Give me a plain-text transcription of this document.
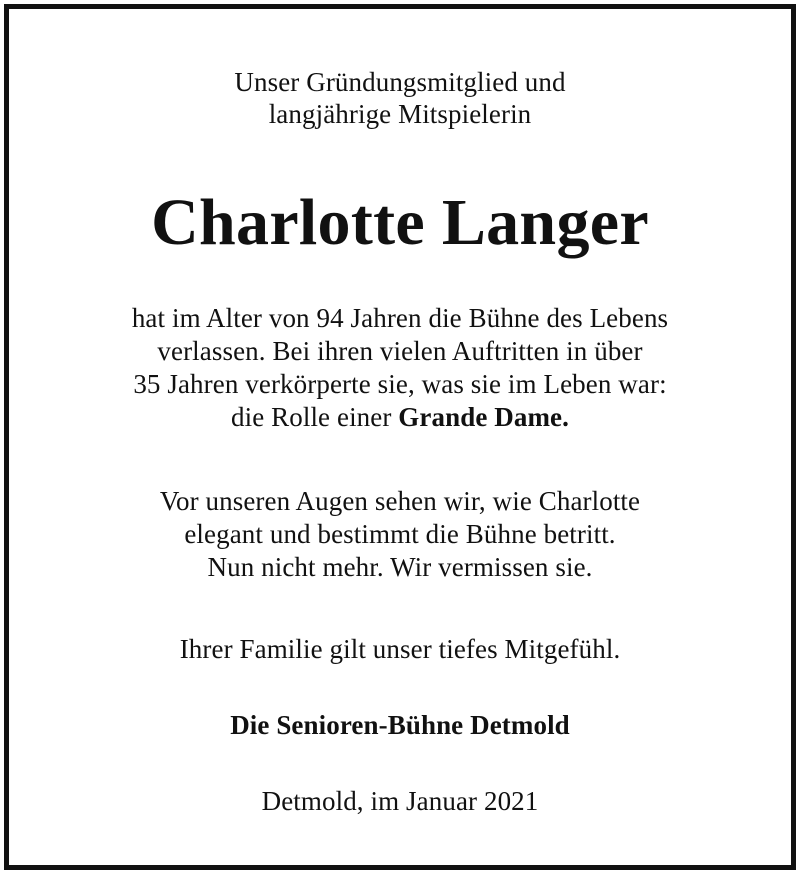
Unser Gründungsmitglied und
langjährige Mitspielerin
Charlotte Langer
hat im Alter von 94 Jahren die Bühne des Lebens
verlassen. Bei ihren vielen Auftritten in über
35 Jahren verkörperte sie, was sie im Leben war:
die Rolle einer Grande Dame.
Vor unseren Augen sehen wir, wie Charlotte
elegant und bestimmt die Bühne betritt.
Nun nicht mehr. Wir vermissen sie.
Ihrer Familie gilt unser tiefes Mitgefühl.
Die Senioren-Bühne Detmold
Detmold, im Januar 2021
